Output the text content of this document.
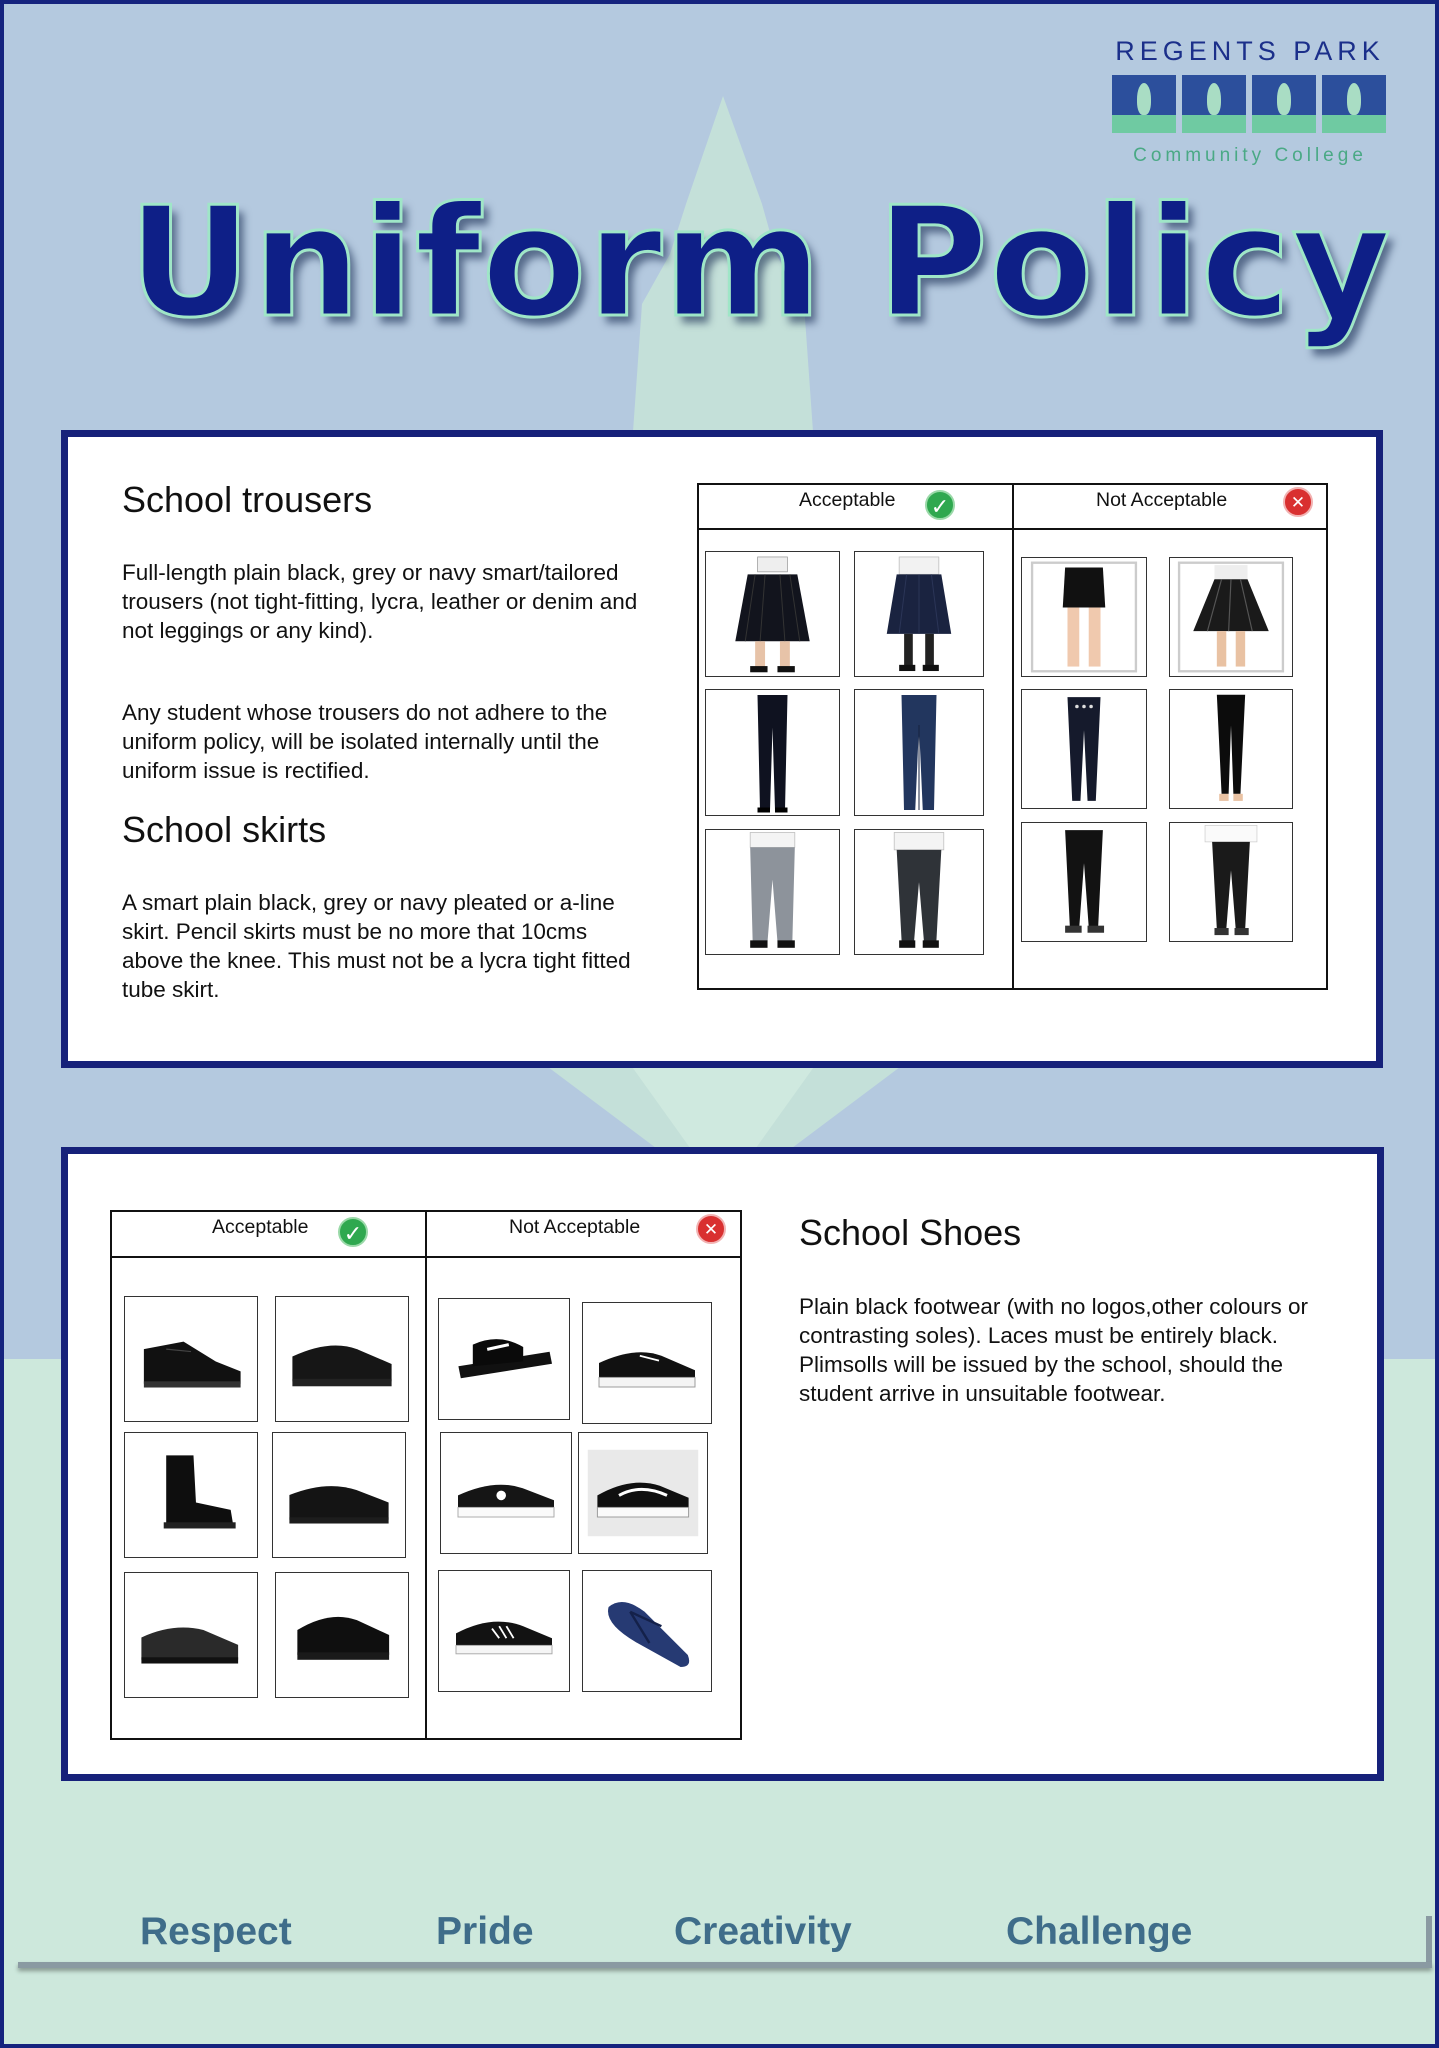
REGENTS PARK
Community College
Uniform Policy
School trousers
Full-length plain black, grey or navy smart/tailored trousers (not tight-fitting, lycra, leather or denim and not leggings or any kind).
Any student whose trousers do not adhere to the uniform policy, will be isolated internally until the uniform issue is rectified.
School skirts
A smart plain black, grey or navy pleated or a-line skirt. Pencil skirts must be no more that 10cms above the knee. This must not be a lycra tight fitted tube skirt.
Acceptable ✓	Not Acceptable	✕
Acceptable ✓	Not Acceptable	✕ School Shoes
Plain black footwear (with no logos,other colours or contrasting soles). Laces must be entirely black. Plimsolls will be issued by the school, should the student arrive in unsuitable footwear.
Respect	Pride	Creativity	Challenge
